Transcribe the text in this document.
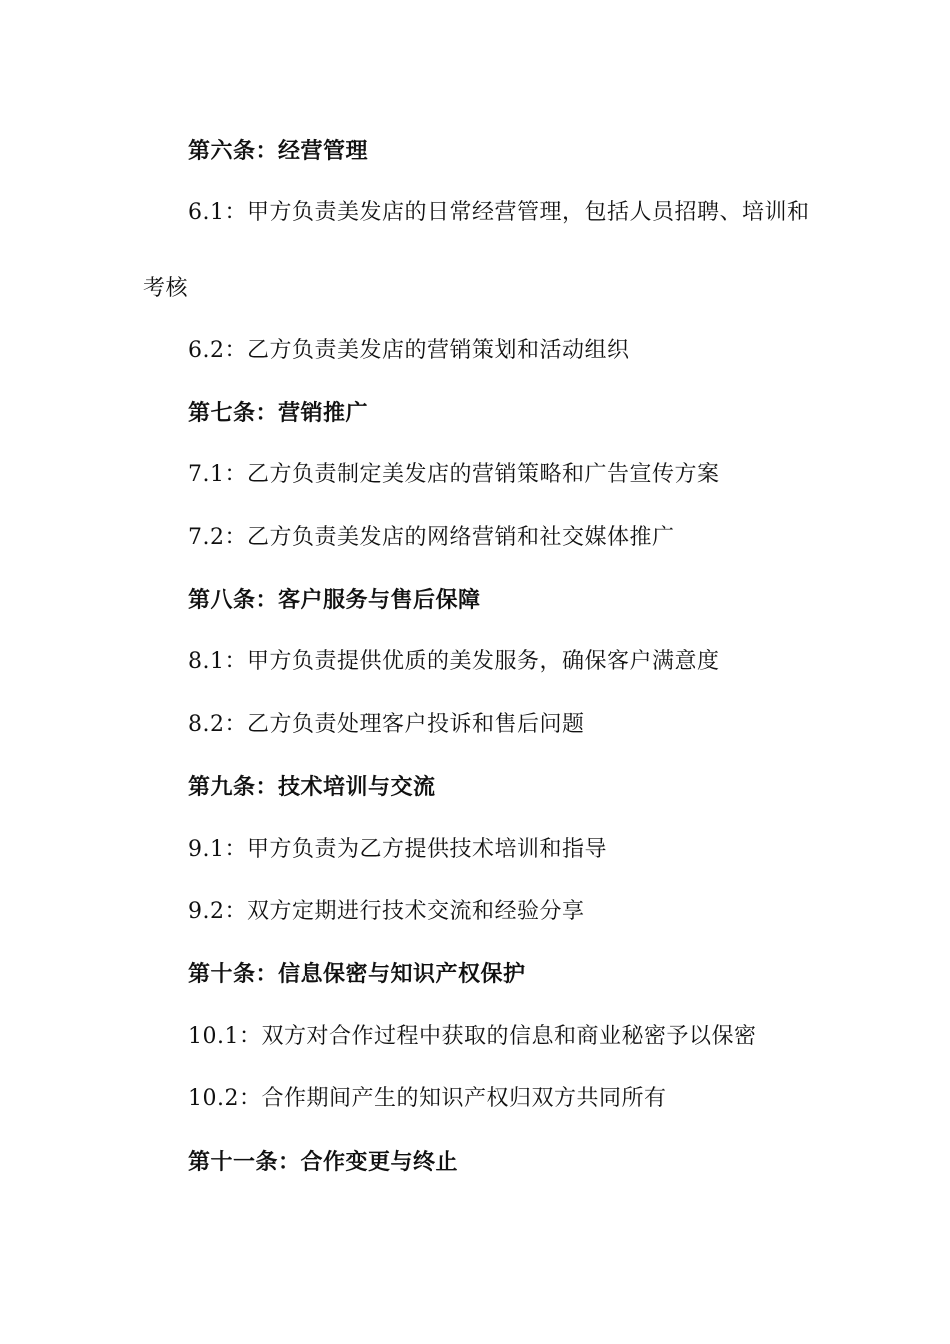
第六条：经营管理
6.1：甲方负责美发店的日常经营管理，包括人员招聘、培训和
考核
6.2：乙方负责美发店的营销策划和活动组织
第七条：营销推广
7.1：乙方负责制定美发店的营销策略和广告宣传方案
7.2：乙方负责美发店的网络营销和社交媒体推广
第八条：客户服务与售后保障
8.1：甲方负责提供优质的美发服务，确保客户满意度
8.2：乙方负责处理客户投诉和售后问题
第九条：技术培训与交流
9.1：甲方负责为乙方提供技术培训和指导
9.2：双方定期进行技术交流和经验分享
第十条：信息保密与知识产权保护
10.1：双方对合作过程中获取的信息和商业秘密予以保密
10.2：合作期间产生的知识产权归双方共同所有
第十一条：合作变更与终止
